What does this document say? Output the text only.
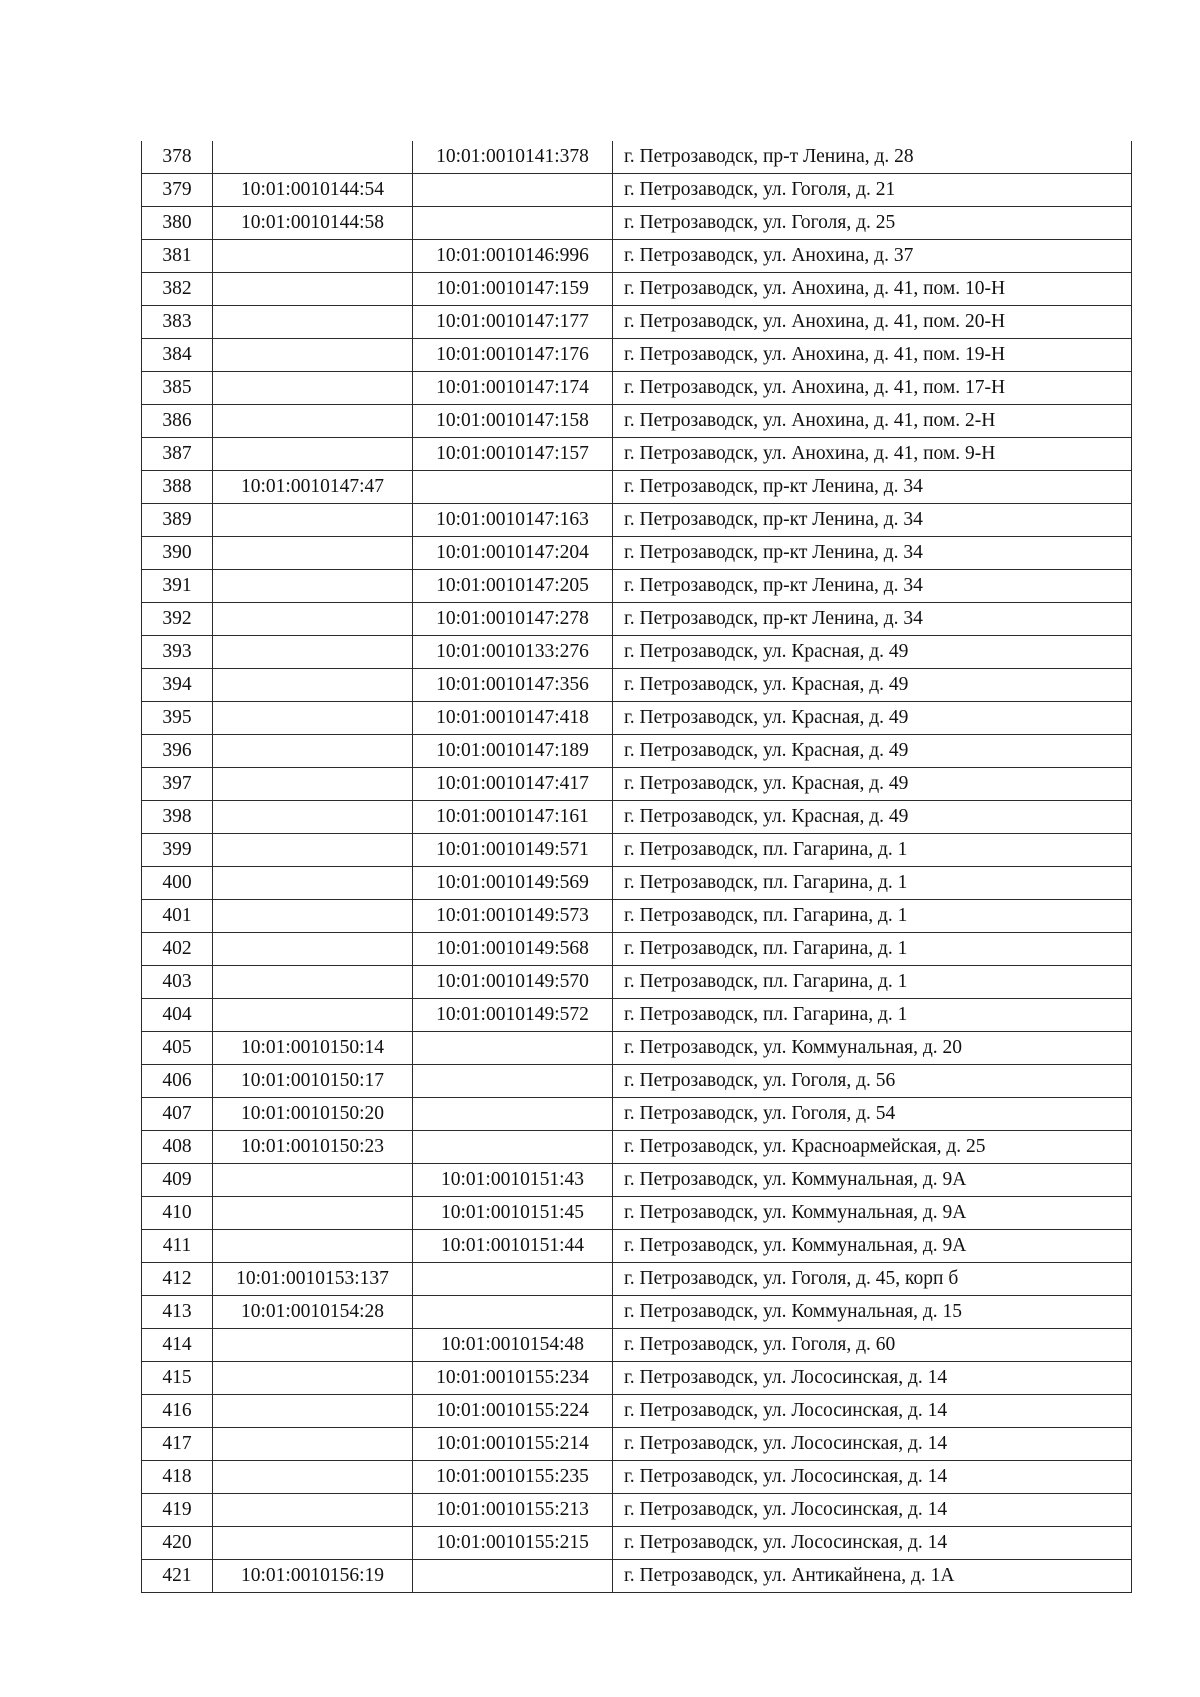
378		10:01:0010141:378	г. Петрозаводск, пр-т Ленина, д. 28
379	10:01:0010144:54		г. Петрозаводск, ул. Гоголя, д. 21
380	10:01:0010144:58		г. Петрозаводск, ул. Гоголя, д. 25
381		10:01:0010146:996	г. Петрозаводск, ул. Анохина, д. 37
382		10:01:0010147:159	г. Петрозаводск, ул. Анохина, д. 41, пом. 10-Н
383		10:01:0010147:177	г. Петрозаводск, ул. Анохина, д. 41, пом. 20-Н
384		10:01:0010147:176	г. Петрозаводск, ул. Анохина, д. 41, пом. 19-Н
385		10:01:0010147:174	г. Петрозаводск, ул. Анохина, д. 41, пом. 17-Н
386		10:01:0010147:158	г. Петрозаводск, ул. Анохина, д. 41, пом. 2-Н
387		10:01:0010147:157	г. Петрозаводск, ул. Анохина, д. 41, пом. 9-Н
388	10:01:0010147:47		г. Петрозаводск, пр-кт Ленина, д. 34
389		10:01:0010147:163	г. Петрозаводск, пр-кт Ленина, д. 34
390		10:01:0010147:204	г. Петрозаводск, пр-кт Ленина, д. 34
391		10:01:0010147:205	г. Петрозаводск, пр-кт Ленина, д. 34
392		10:01:0010147:278	г. Петрозаводск, пр-кт Ленина, д. 34
393		10:01:0010133:276	г. Петрозаводск, ул. Красная, д. 49
394		10:01:0010147:356	г. Петрозаводск, ул. Красная, д. 49
395		10:01:0010147:418	г. Петрозаводск, ул. Красная, д. 49
396		10:01:0010147:189	г. Петрозаводск, ул. Красная, д. 49
397		10:01:0010147:417	г. Петрозаводск, ул. Красная, д. 49
398		10:01:0010147:161	г. Петрозаводск, ул. Красная, д. 49
399		10:01:0010149:571	г. Петрозаводск, пл. Гагарина, д. 1
400		10:01:0010149:569	г. Петрозаводск, пл. Гагарина, д. 1
401		10:01:0010149:573	г. Петрозаводск, пл. Гагарина, д. 1
402		10:01:0010149:568	г. Петрозаводск, пл. Гагарина, д. 1
403		10:01:0010149:570	г. Петрозаводск, пл. Гагарина, д. 1
404		10:01:0010149:572	г. Петрозаводск, пл. Гагарина, д. 1
405	10:01:0010150:14		г. Петрозаводск, ул. Коммунальная, д. 20
406	10:01:0010150:17		г. Петрозаводск, ул. Гоголя, д. 56
407	10:01:0010150:20		г. Петрозаводск, ул. Гоголя, д. 54
408	10:01:0010150:23		г. Петрозаводск, ул. Красноармейская, д. 25
409		10:01:0010151:43	г. Петрозаводск, ул. Коммунальная, д. 9А
410		10:01:0010151:45	г. Петрозаводск, ул. Коммунальная, д. 9А
411		10:01:0010151:44	г. Петрозаводск, ул. Коммунальная, д. 9А
412	10:01:0010153:137		г. Петрозаводск, ул. Гоголя, д. 45, корп б
413	10:01:0010154:28		г. Петрозаводск, ул. Коммунальная, д. 15
414		10:01:0010154:48	г. Петрозаводск, ул. Гоголя, д. 60
415		10:01:0010155:234	г. Петрозаводск, ул. Лососинская, д. 14
416		10:01:0010155:224	г. Петрозаводск, ул. Лососинская, д. 14
417		10:01:0010155:214	г. Петрозаводск, ул. Лососинская, д. 14
418		10:01:0010155:235	г. Петрозаводск, ул. Лососинская, д. 14
419		10:01:0010155:213	г. Петрозаводск, ул. Лососинская, д. 14
420		10:01:0010155:215	г. Петрозаводск, ул. Лососинская, д. 14
421	10:01:0010156:19		г. Петрозаводск, ул. Антикайнена, д. 1А
